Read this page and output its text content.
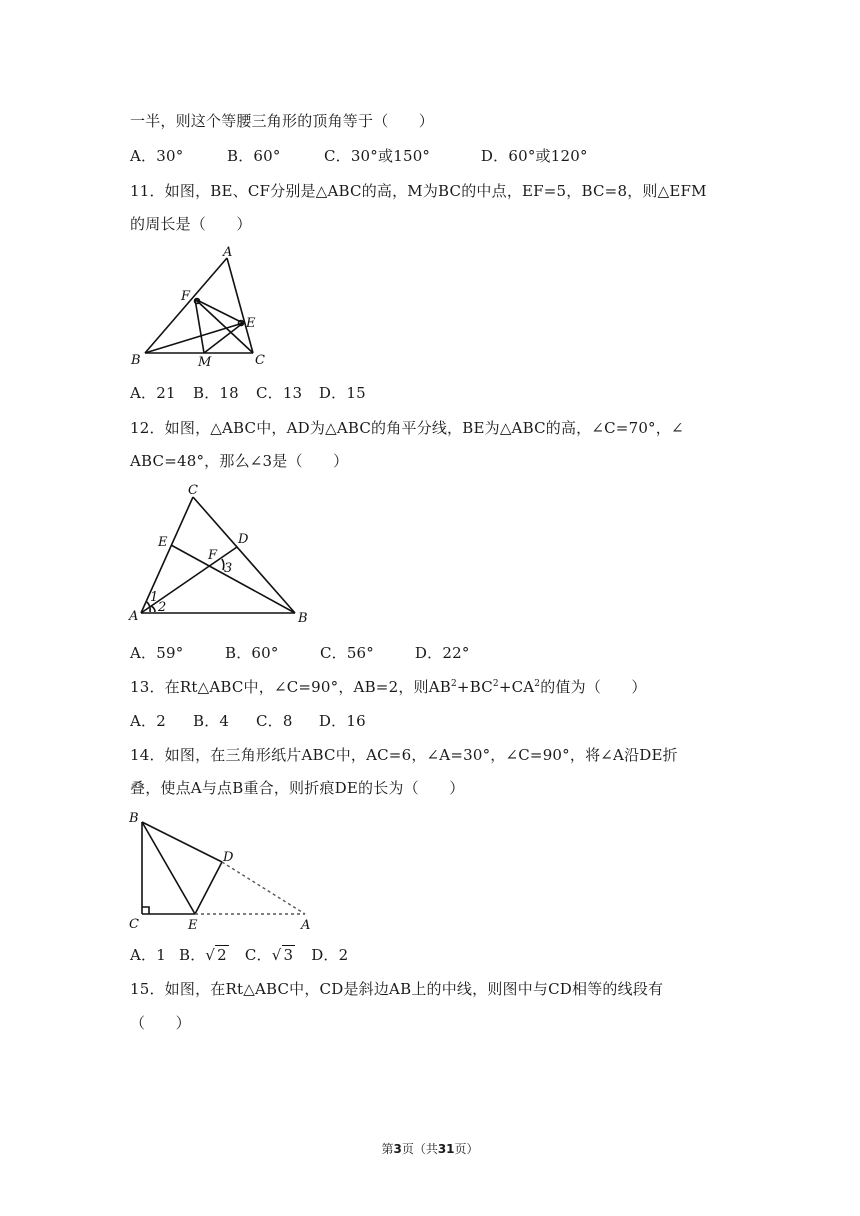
一半，则这个等腰三角形的顶角等于（　　）
A．30°	B．60°	C．30°或150°	D．60°或120°
11．如图，BE、CF分别是△ABC的高，M为BC的中点，EF=5，BC=8，则△EFM
的周长是（　　）
A
F
E
B	M	C
A．21 B．18 C．13 D．15
12．如图，△ABC中，AD为△ABC的角平分线，BE为△ABC的高，∠C=70°，∠
ABC=48°，那么∠3是（　　）
C
E	D
F
3
1
2
A	B
A．59°	B．60°	C．56°	D．22°
13．在Rt△ABC中，∠C=90°，AB=2，则$AB^2+BC^2+CA^2$的值为（　　）
A．2 B．4 C．8 D．16
14．如图，在三角形纸片ABC中，AC=6，∠A=30°，∠C=90°，将∠A沿DE折
叠，使点A与点B重合，则折痕DE的长为（　　）
B
D
C	E	A
A．1 B．√ 2 C．√ 3 D．2
15．如图，在Rt△ABC中，CD是斜边AB上的中线，则图中与CD相等的线段有
（　　）
第3页（共31页）
